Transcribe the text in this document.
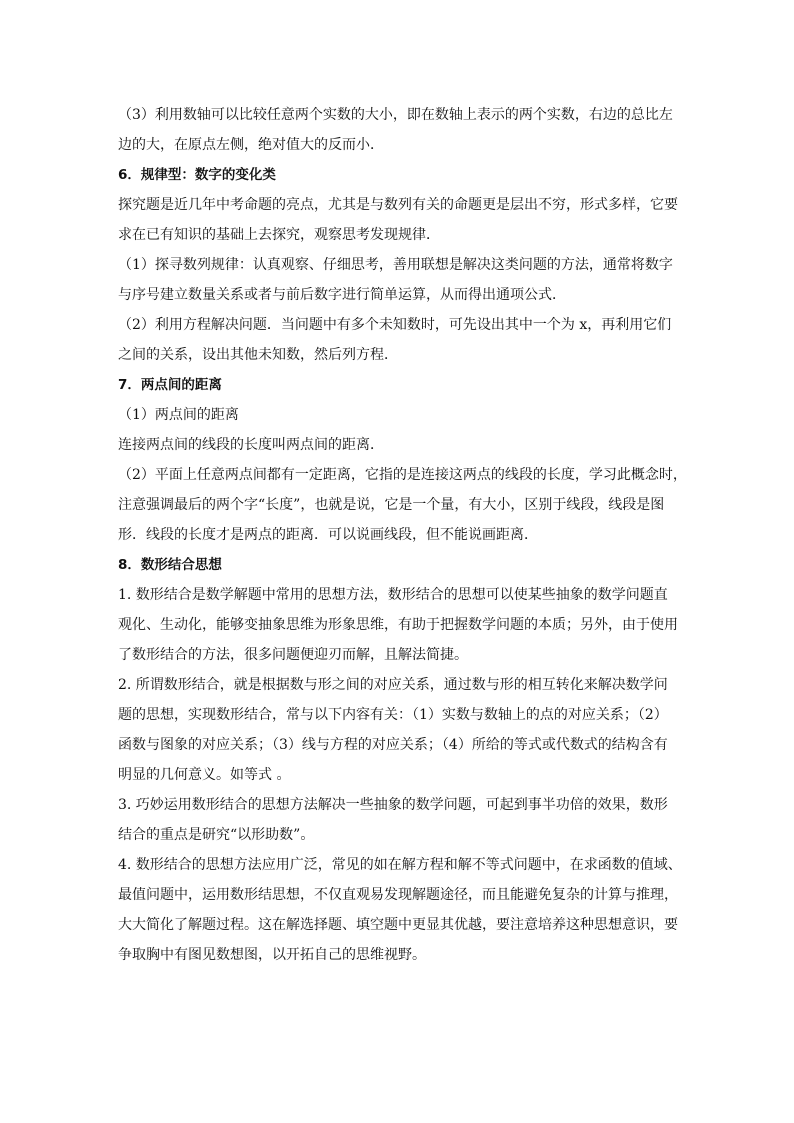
（3）利用数轴可以比较任意两个实数的大小，即在数轴上表示的两个实数，右边的总比左

边的大，在原点左侧，绝对值大的反而小．

6．规律型：数字的变化类

探究题是近几年中考命题的亮点，尤其是与数列有关的命题更是层出不穷，形式多样，它要

求在已有知识的基础上去探究，观察思考发现规律．

（1）探寻数列规律：认真观察、仔细思考，善用联想是解决这类问题的方法，通常将数字

与序号建立数量关系或者与前后数字进行简单运算，从而得出通项公式．

（2）利用方程解决问题．当问题中有多个未知数时，可先设出其中一个为 x，再利用它们

之间的关系，设出其他未知数，然后列方程．

7．两点间的距离

（1）两点间的距离

连接两点间的线段的长度叫两点间的距离．

（2）平面上任意两点间都有一定距离，它指的是连接这两点的线段的长度，学习此概念时，

注意强调最后的两个字“长度”，也就是说，它是一个量，有大小，区别于线段，线段是图

形．线段的长度才是两点的距离．可以说画线段，但不能说画距离．

8．数形结合思想

1. 数形结合是数学解题中常用的思想方法，数形结合的思想可以使某些抽象的数学问题直

观化、生动化，能够变抽象思维为形象思维，有助于把握数学问题的本质；另外，由于使用

了数形结合的方法，很多问题便迎刃而解，且解法简捷。

2. 所谓数形结合，就是根据数与形之间的对应关系，通过数与形的相互转化来解决数学问

题的思想，实现数形结合，常与以下内容有关：（1）实数与数轴上的点的对应关系；（2）

函数与图象的对应关系；（3）线与方程的对应关系；（4）所给的等式或代数式的结构含有

明显的几何意义。如等式 。

3. 巧妙运用数形结合的思想方法解决一些抽象的数学问题，可起到事半功倍的效果，数形

结合的重点是研究“以形助数”。

4. 数形结合的思想方法应用广泛，常见的如在解方程和解不等式问题中，在求函数的值域、

最值问题中，运用数形结思想，不仅直观易发现解题途径，而且能避免复杂的计算与推理，

大大简化了解题过程。这在解选择题、填空题中更显其优越，要注意培养这种思想意识，要

争取胸中有图见数想图，以开拓自己的思维视野。
